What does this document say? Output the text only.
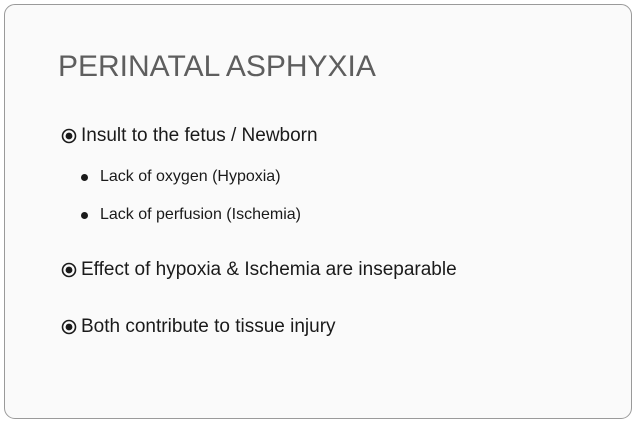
PERINATAL ASPHYXIA
Insult to the fetus / Newborn
Lack of oxygen (Hypoxia)
Lack of perfusion (Ischemia)
Effect of hypoxia & Ischemia are inseparable
Both contribute to tissue injury
